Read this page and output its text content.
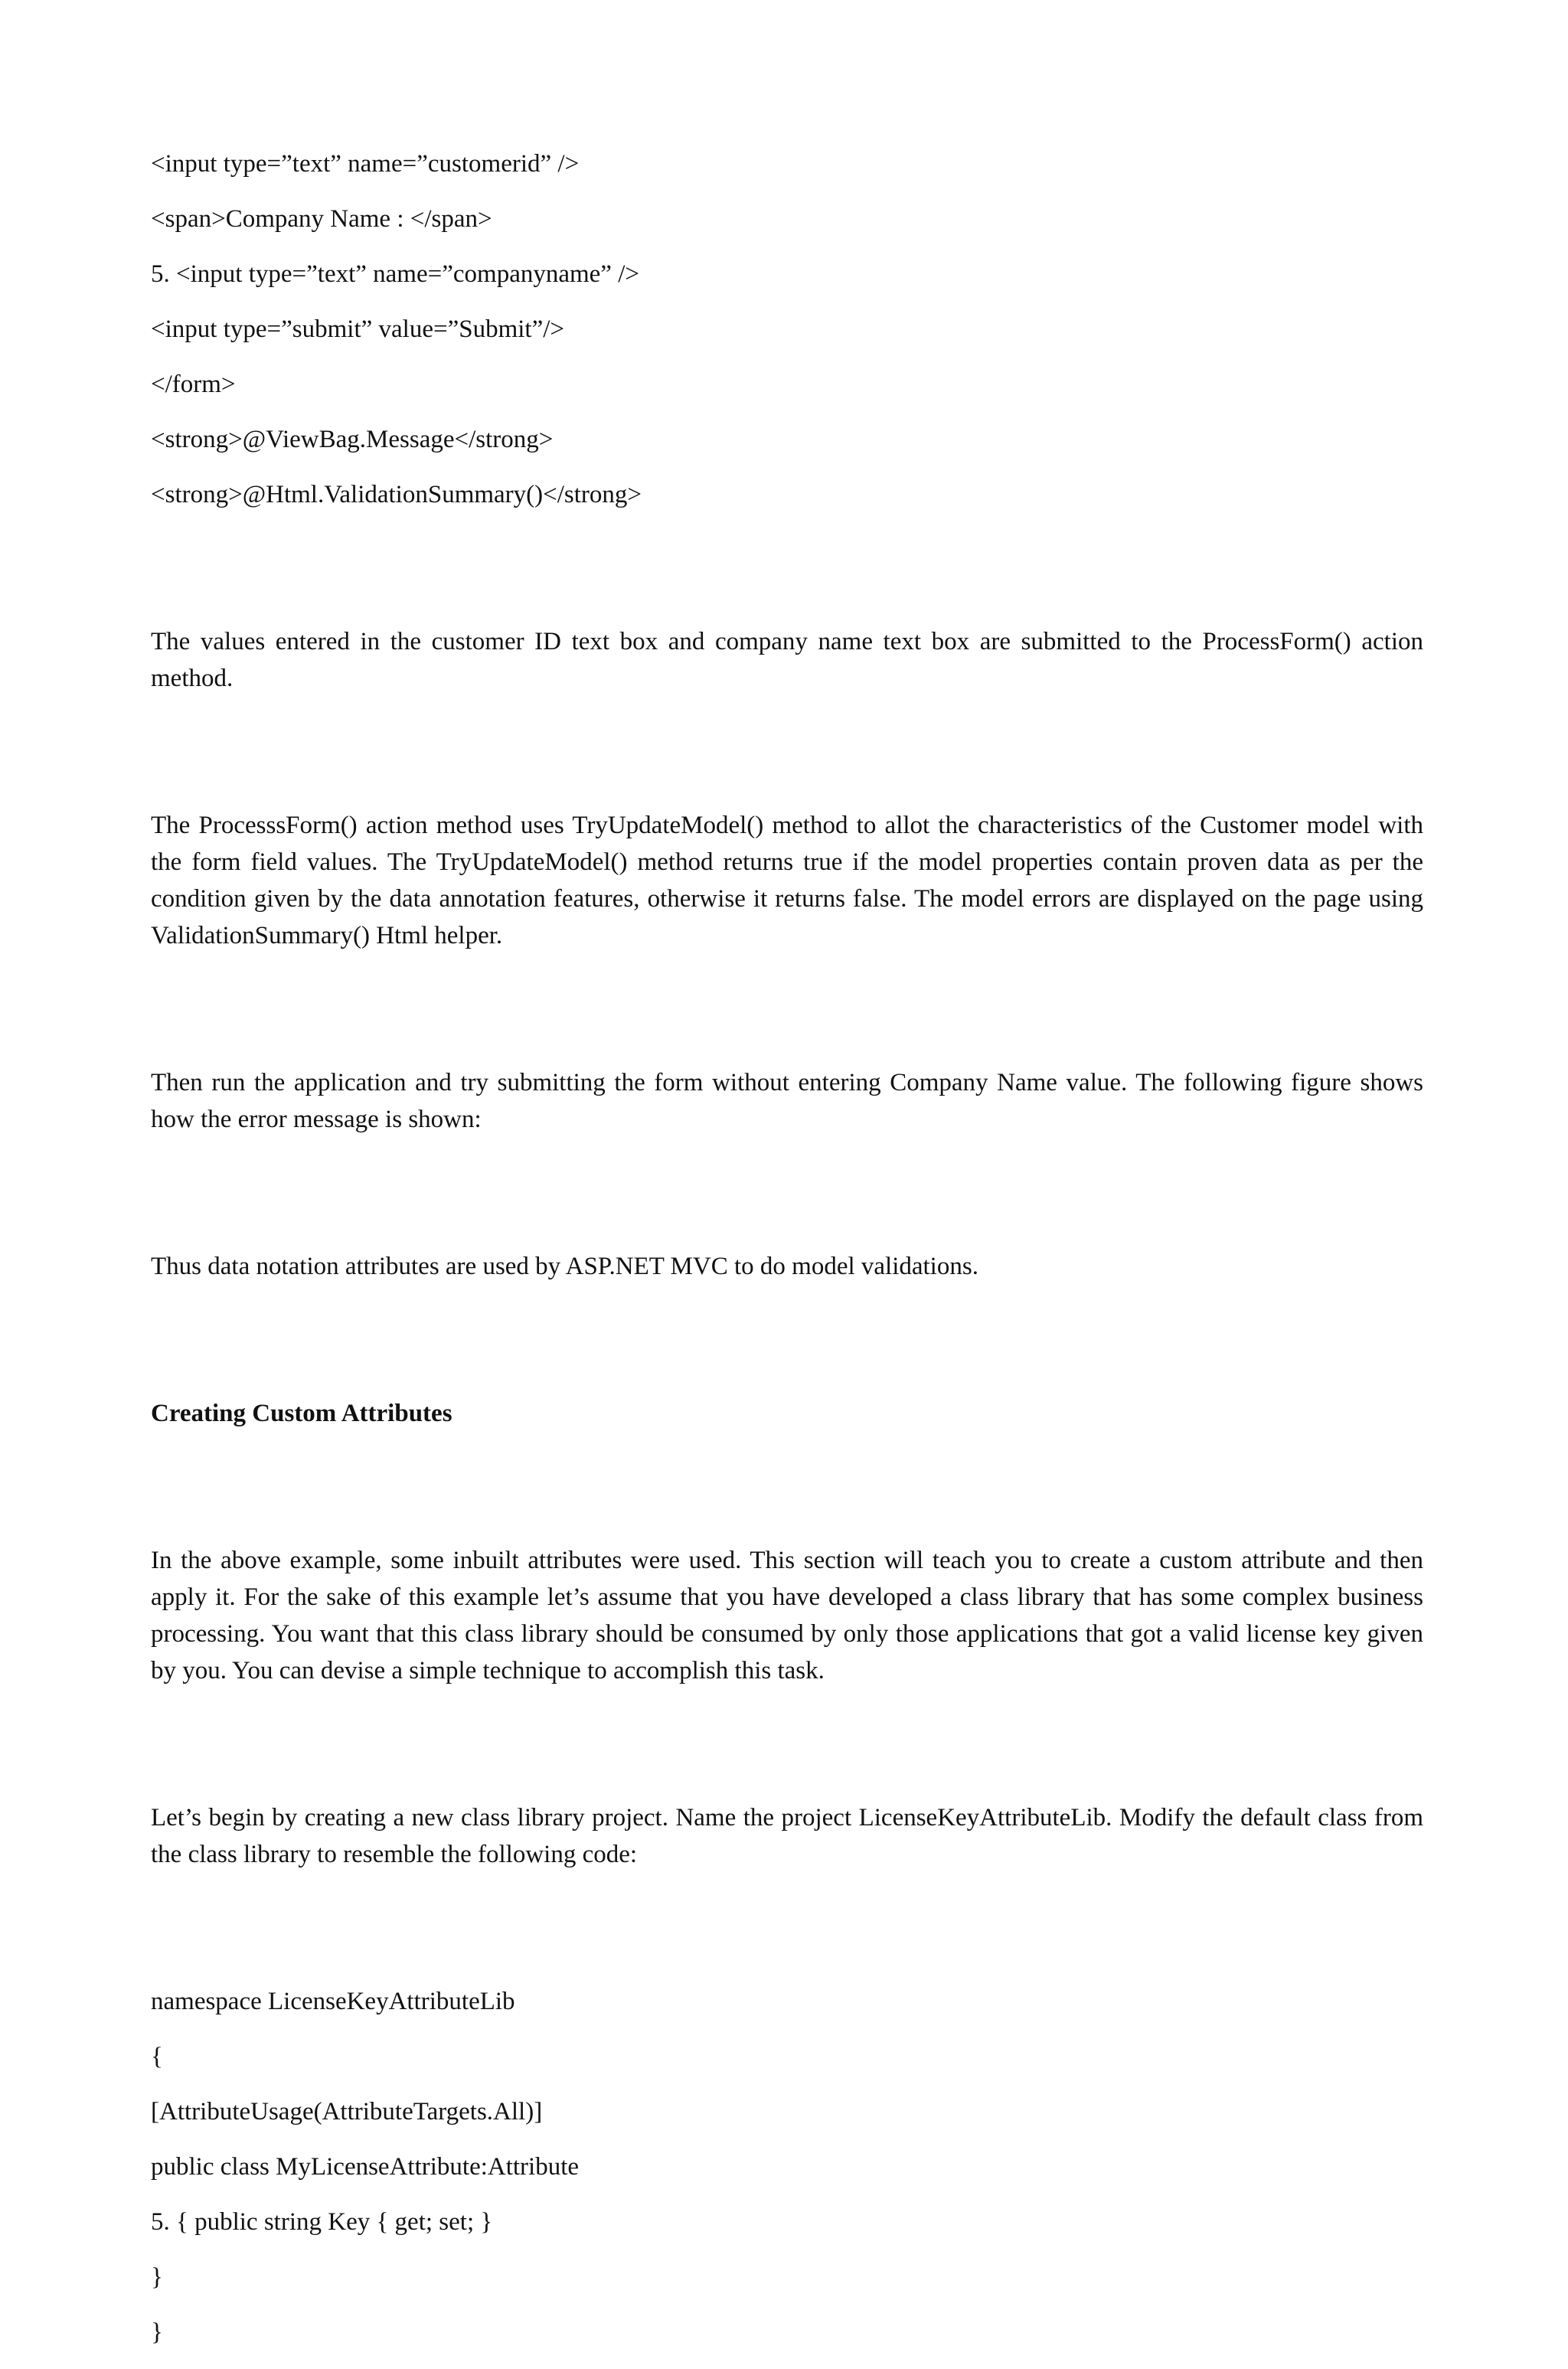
<input type=”text” name=”customerid” />

<span>Company Name : </span>

5. <input type=”text” name=”companyname” />

<input type=”submit” value=”Submit”/>

</form>

<strong>@ViewBag.Message</strong>

<strong>@Html.ValidationSummary()</strong>

The values entered in the customer ID text box and company name text box are submitted to the ProcessForm() action method.

The ProcesssForm() action method uses TryUpdateModel() method to allot the characteristics of the Customer model with the form field values. The TryUpdateModel() method returns true if the model properties contain proven data as per the condition given by the data annotation features, otherwise it returns false. The model errors are displayed on the page using ValidationSummary() Html helper.

Then run the application and try submitting the form without entering Company Name value. The following figure shows how the error message is shown:

Thus data notation attributes are used by ASP.NET MVC to do model validations.

Creating Custom Attributes

In the above example, some inbuilt attributes were used. This section will teach you to create a custom attribute and then apply it. For the sake of this example let’s assume that you have developed a class library that has some complex business processing. You want that this class library should be consumed by only those applications that got a valid license key given by you. You can devise a simple technique to accomplish this task.

Let’s begin by creating a new class library project. Name the project LicenseKeyAttributeLib. Modify the default class from the class library to resemble the following code:

namespace LicenseKeyAttributeLib

{

[AttributeUsage(AttributeTargets.All)]

public class MyLicenseAttribute:Attribute

5. { public string Key { get; set; }

}

}
